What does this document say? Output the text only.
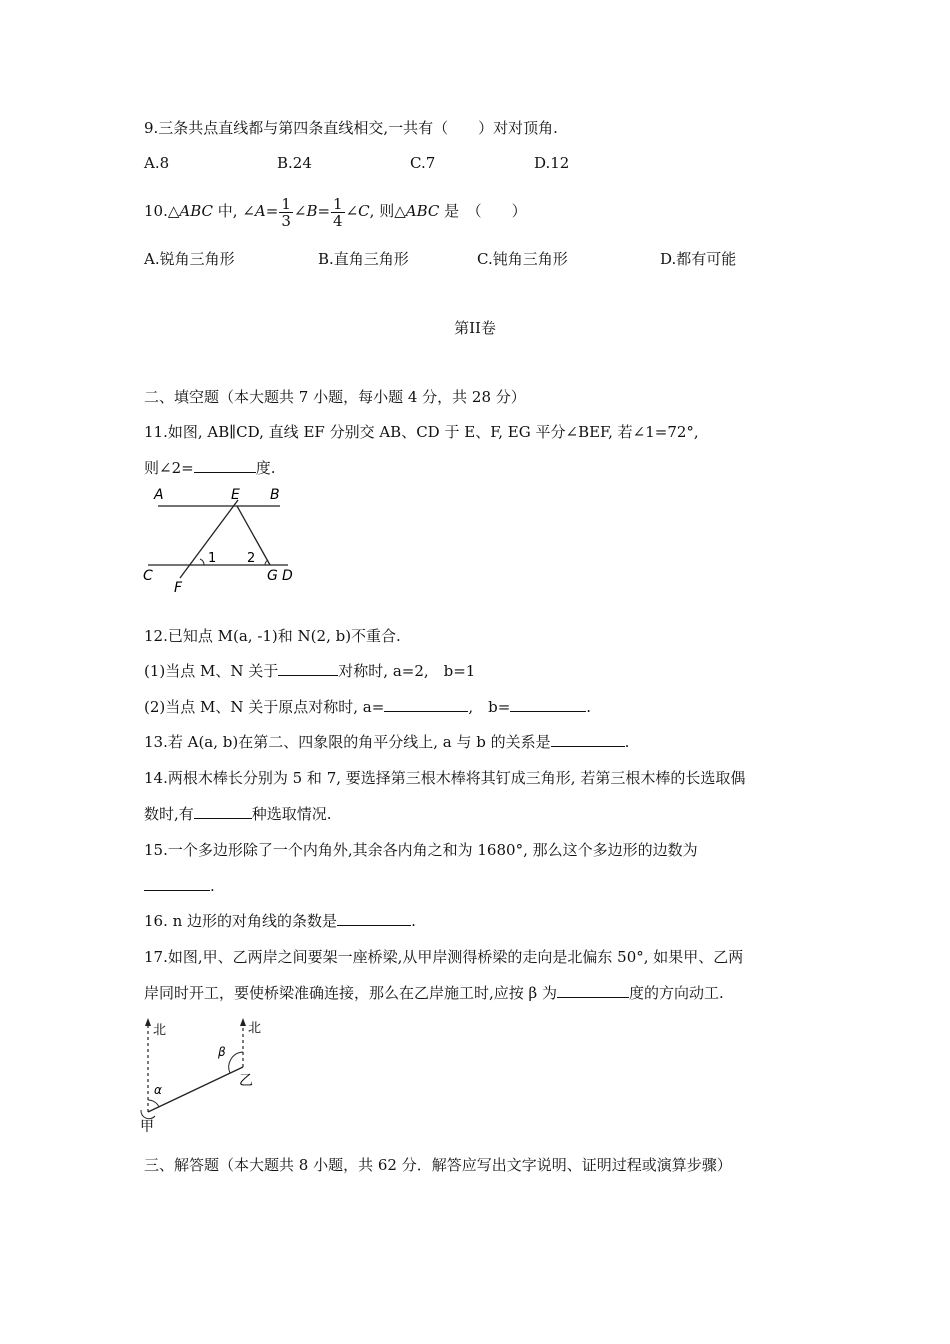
9.三条共点直线都与第四条直线相交,一共有（　　）对对顶角.
A.8	B.24	C.7	D.12
10.△ABC 中, ∠A= $\frac{1}{3}$ ∠B= $\frac{1}{4}$ ∠C, 则△ABC 是　（　　）
A.锐角三角形	B.直角三角形	C.钝角三角形	D.都有可能
第II卷
二、填空题（本大题共 7 小题，每小题 4 分，共 28 分）
11.如图, AB∥CD, 直线 EF 分别交 AB、CD 于 E、F, EG 平分∠BEF, 若∠1=72°,
则∠2=	度.
A	E B
C
F
G D
1 2
12.已知点 M(a, -1)和 N(2, b)不重合.
(1)当点 M、N 关于	对称时, a=2,　b=1
(2)当点 M、N 关于原点对称时, a=	,　b=	.
13.若 A(a, b)在第二、四象限的角平分线上, a 与 b 的关系是	.
14.两根木棒长分别为 5 和 7, 要选择第三根木棒将其钉成三角形, 若第三根木棒的长选取偶
数时,有	种选取情况.
15.一个多边形除了一个内角外,其余各内角之和为 1680°, 那么这个多边形的边数为
.
16. n 边形的对角线的条数是	.
17.如图,甲、乙两岸之间要架一座桥梁,从甲岸测得桥梁的走向是北偏东 50°, 如果甲、乙两
岸同时开工，要使桥梁准确连接，那么在乙岸施工时,应按 β 为	度的方向动工.
北	北
α
β
甲
乙
三、解答题（本大题共 8 小题，共 62 分．解答应写出文字说明、证明过程或演算步骤）
